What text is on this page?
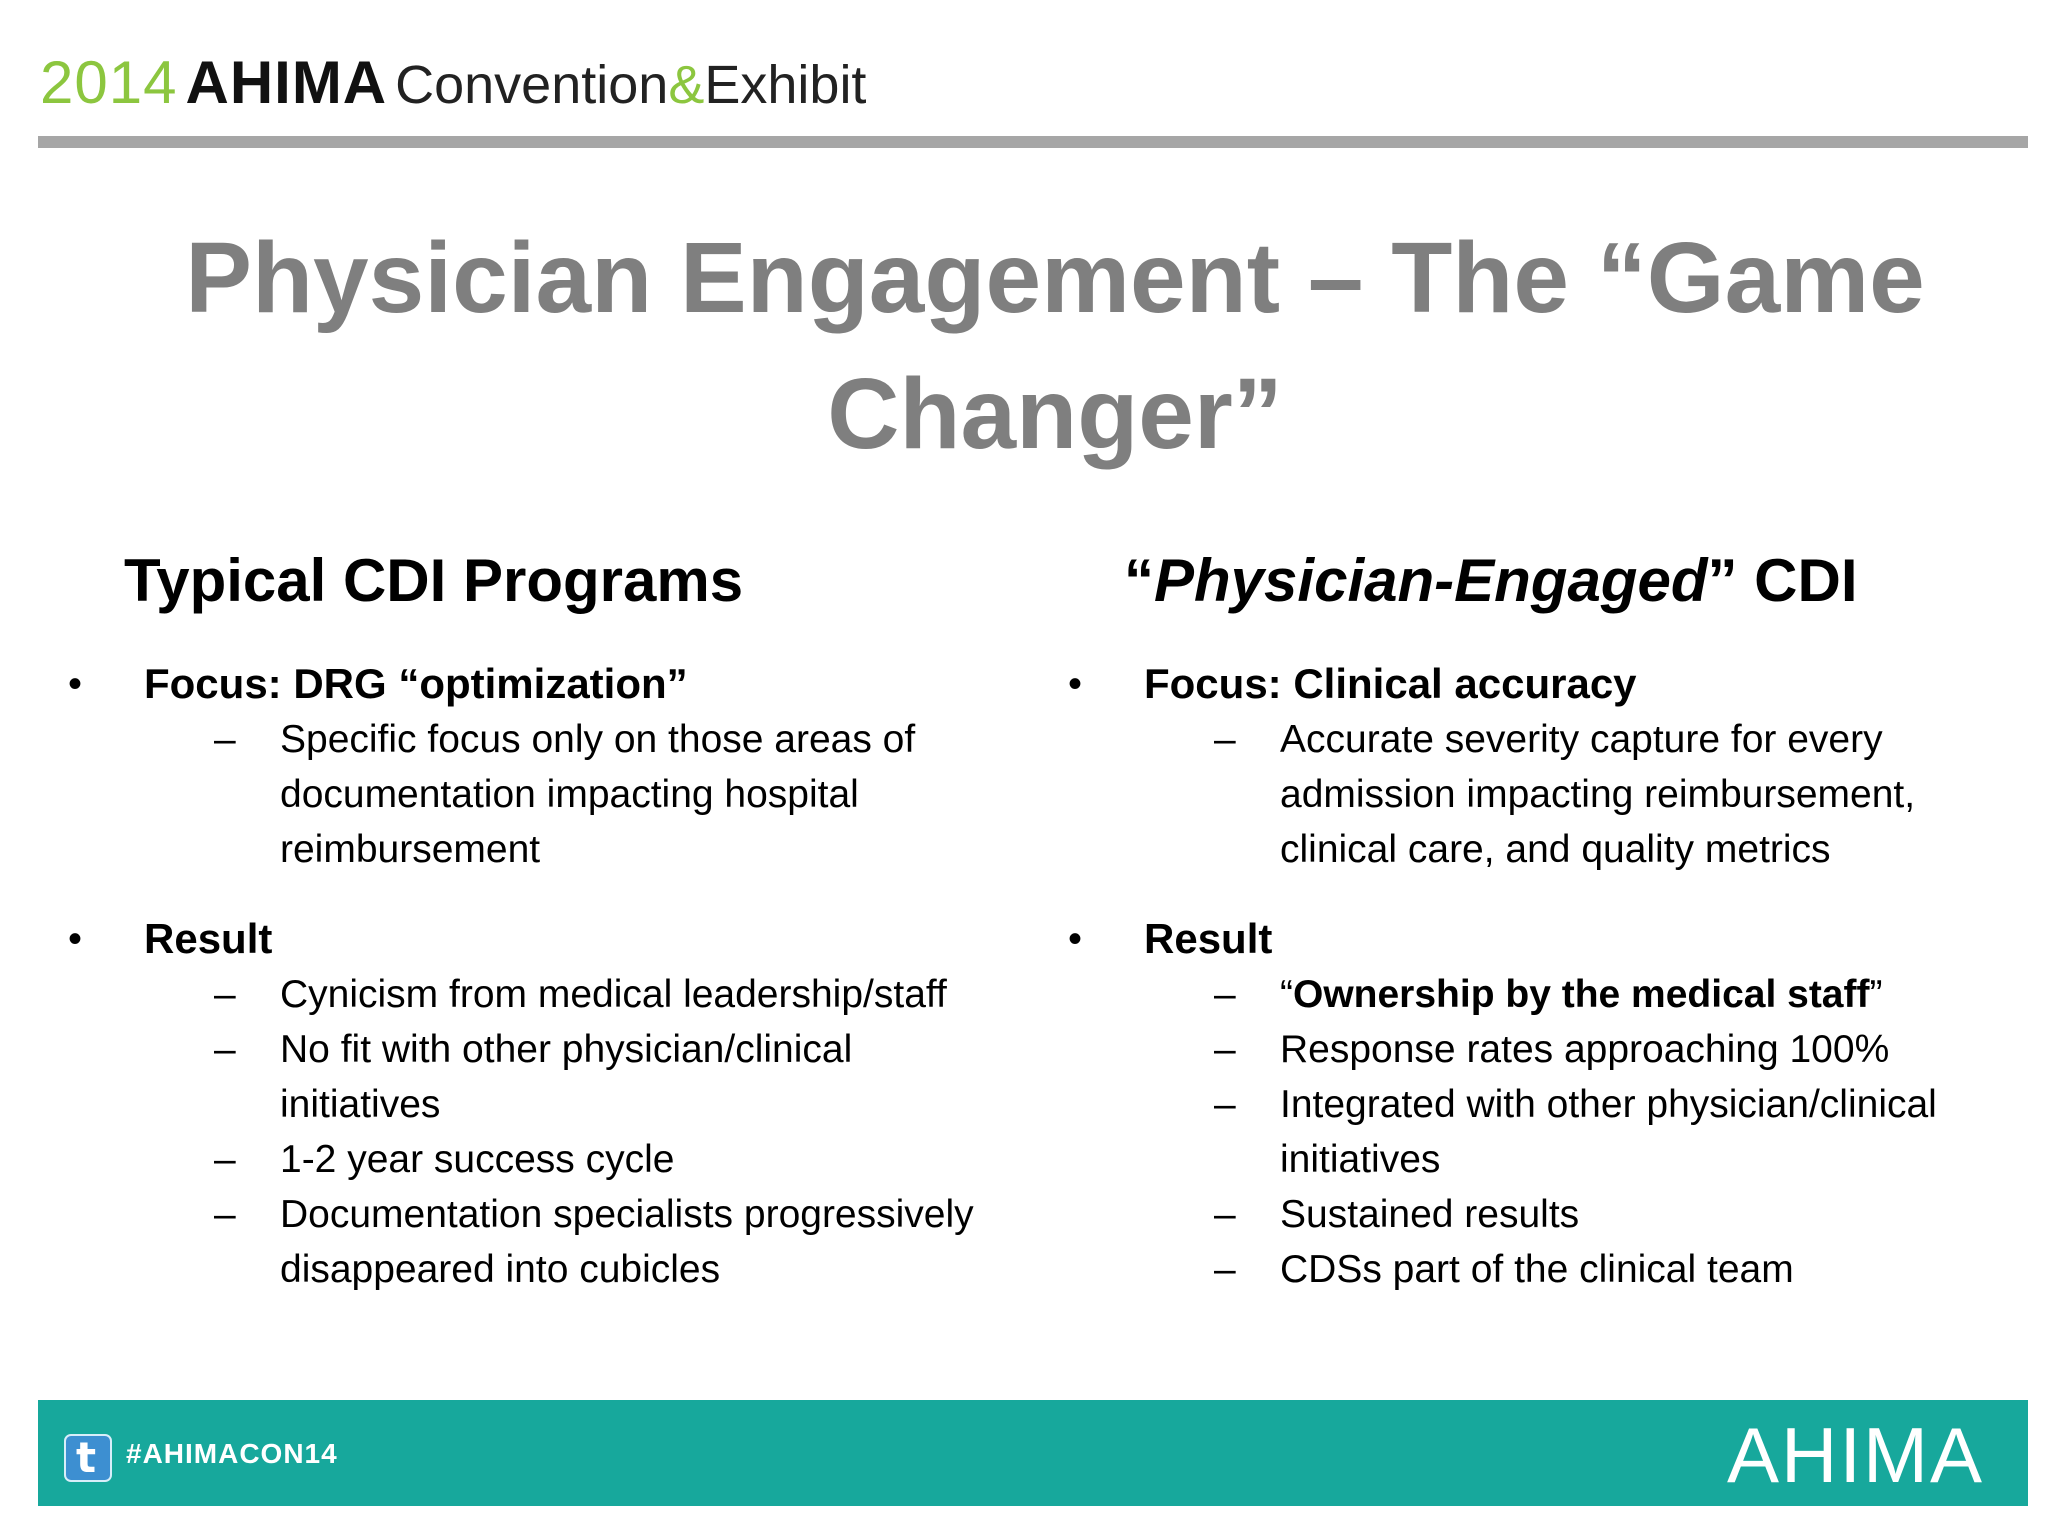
2014 AHIMA Convention & Exhibit
Physician Engagement – The “Game Changer”
Typical CDI Programs
• Focus: DRG “optimization”
– Specific focus only on those areas of documentation impacting hospital reimbursement
• Result
– Cynicism from medical leadership/staff
– No fit with other physician/clinical initiatives
– 1-2 year success cycle
– Documentation specialists progressively disappeared into cubicles
“Physician-Engaged” CDI
• Focus: Clinical accuracy
– Accurate severity capture for every admission impacting reimbursement, clinical care, and quality metrics
• Result
– “Ownership by the medical staff”
– Response rates approaching 100%
– Integrated with other physician/clinical initiatives
– Sustained results
– CDSs part of the clinical team
t #AHIMACON14	AHIMA
